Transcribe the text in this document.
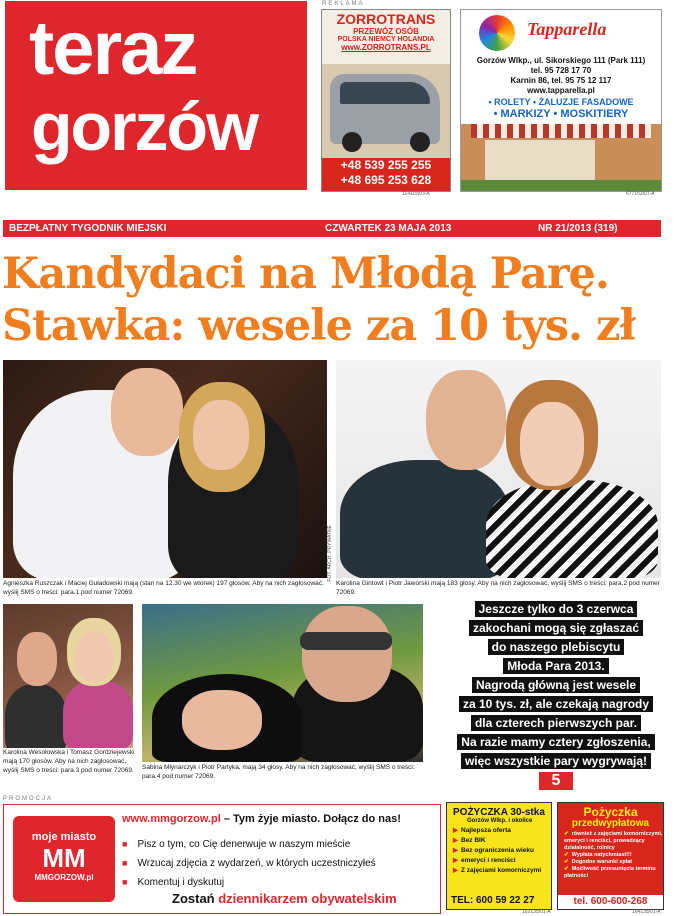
teraz
gorzów
REKLAMA
ZORROTRANS
PRZEWÓZ OSÓB
POLSKA NIEMCY HOLANDIA
www.ZORROTRANS.PL
+48 539 255 255
+48 695 253 628
114115/03-A
Tapparella
Gorzów Wlkp., ul. Sikorskiego 111 (Park 111)
tel. 95 728 17 70
Karnin 86, tel. 95 75 12 117
www.tapparella.pl
• ROLETY • ŻALUZJE FASADOWE
• MARKIZY • MOSKITIERY
677152/07-A
BEZPŁATNY TYGODNIK MIEJSKI	CZWARTEK 23 MAJA 2013	NR 21/2013 (319)
Kandydaci na Młodą Parę.
Stawka: wesele za 10 tys. zł
FOT. ARCH. PRYWATNE
Agnieszka Ruszczak i Maciej Guładowski mają (stan na 12.30 we wtorek) 197 głosów. Aby na nich zagłosować, wyślij SMS o treści: para.1 pod numer 72069.
Karolina Gintowt i Piotr Jaworski mają 183 głosy. Aby na nich zagłosować, wyślij SMS o treści: para.2 pod numer 72069.
Karolina Wesołowska i Tomasz Gordziejewski mają 170 głosów. Aby na nich zagłosować, wyślij SMS o treści: para.3 pod numer 72069.	Sabina Młynarczyk i Piotr Partyka, mają 34 głosy. Aby na nich zagłosować, wyślij SMS o treści: para.4 pod numer 72069.
Jeszcze tylko do 3 czerwca
zakochani mogą się zgłaszać
do naszego plebiscytu
Młoda Para 2013.
Nagrodą główną jest wesele
za 10 tys. zł, ale czekają nagrody
dla czterech pierwszych par.
Na razie mamy cztery zgłoszenia,
więc wszystkie pary wygrywają!
5
PROMOCJA
moje miasto
MM
MMGORZOW.pl
www.mmgorzow.pl – Tym żyje miasto. Dołącz do nas!
■ Pisz o tym, co Cię denerwuje w naszym mieście
■ Wrzucaj zdjęcia z wydarzeń, w których uczestniczyłeś
■ Komentuj i dyskutuj
Zostań dziennikarzem obywatelskim
POŻYCZKA 30-stka
Gorzów Wlkp. i okolice
▶ Najlepsza oferta
▶ Bez BIK
▶ Bez ograniczenia wieku
▶ emeryci i renciści
▶ Z zajęciami komorniczymi
TEL: 600 59 22 27
162135/01-A
Pożyczka
przedwypłatowa
✔ również z zajęciami komorniczymi, emeryci i renciści, prowadzący działalność, rolnicy
✔ Wypłata natychmiast!!!
✔ Dogodne warunki spłat
✔ Możliwość przesunięcia terminu płatności
tel. 600-600-268
164135/01-A
